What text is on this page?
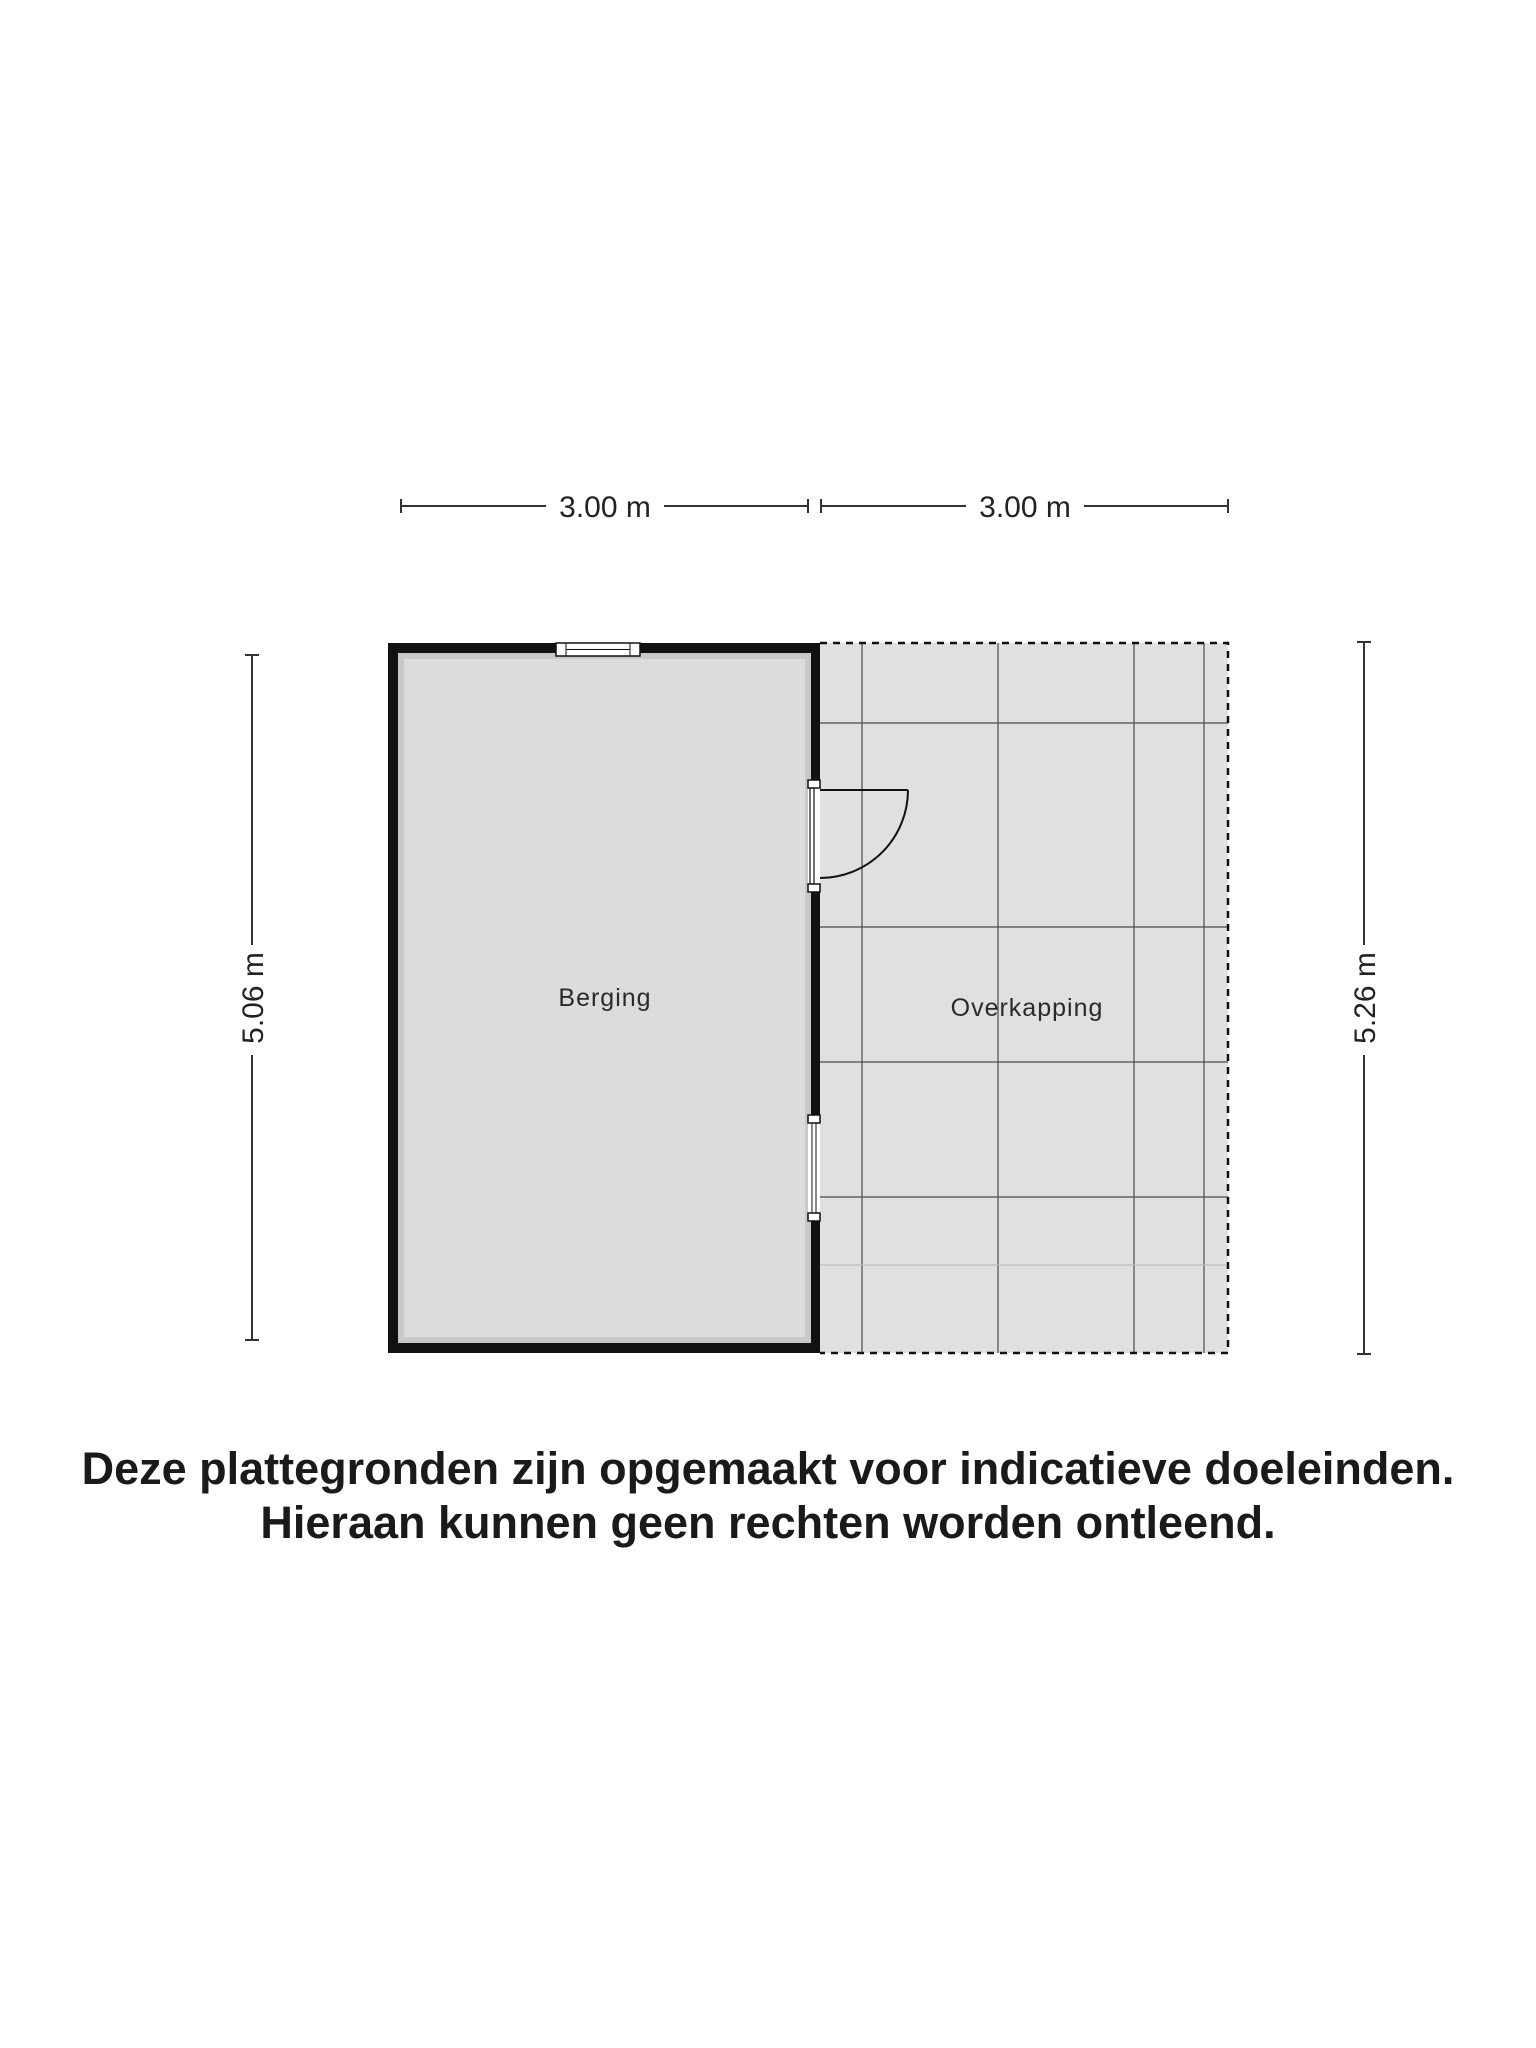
3.00 m	3.00 m
5.06 m	5.26 m
Berging	Overkapping
Deze plattegronden zijn opgemaakt voor indicatieve doeleinden.
Hieraan kunnen geen rechten worden ontleend.
